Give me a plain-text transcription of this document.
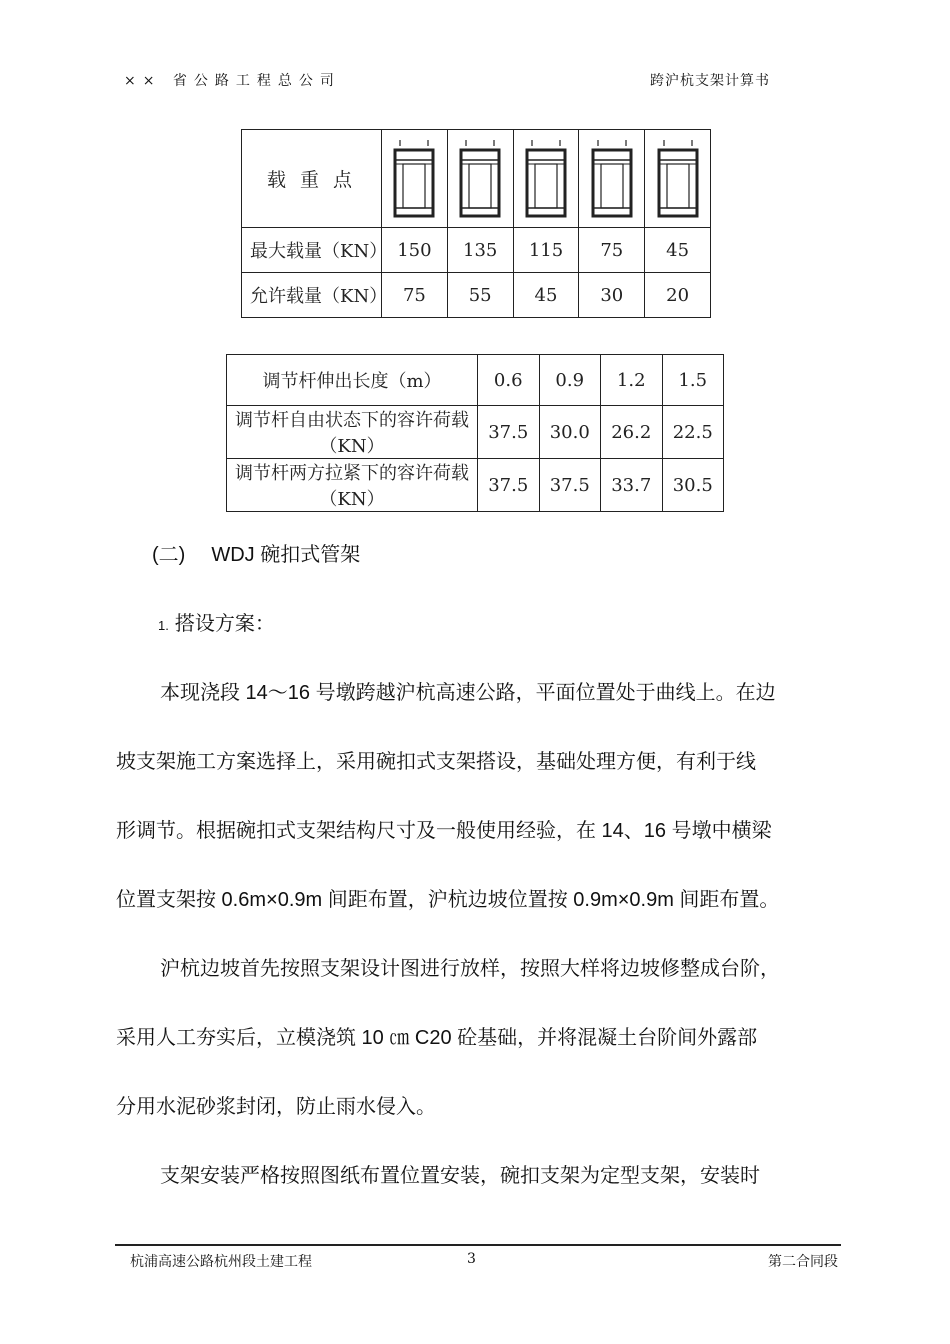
×× 省公路工程总公司	跨沪杭支架计算书
载 重 点	

最大载量（KN）	150	135	115	75	45
允许载量（KN）	75	55	45	30	20
调节杆伸出长度（m）	0.6	0.9	1.2	1.5
调节杆自由状态下的容许荷载（KN）	37.5	30.0	26.2	22.5
调节杆两方拉紧下的容许荷载（KN）	37.5	37.5	33.7	30.5
(二) WDJ 碗扣式管架
1. 搭设方案：
本现浇段 14～16 号墩跨越沪杭高速公路，平面位置处于曲线上。在边
坡支架施工方案选择上，采用碗扣式支架搭设，基础处理方便，有利于线
形调节。根据碗扣式支架结构尺寸及一般使用经验，在 14、16 号墩中横梁
位置支架按 0.6m×0.9m 间距布置，沪杭边坡位置按 0.9m×0.9m 间距布置。
沪杭边坡首先按照支架设计图进行放样，按照大样将边坡修整成台阶，
采用人工夯实后，立模浇筑 10 ㎝ C20 砼基础，并将混凝土台阶间外露部
分用水泥砂浆封闭，防止雨水侵入。
支架安装严格按照图纸布置位置安装，碗扣支架为定型支架，安装时
杭浦高速公路杭州段土建工程	3	第二合同段
